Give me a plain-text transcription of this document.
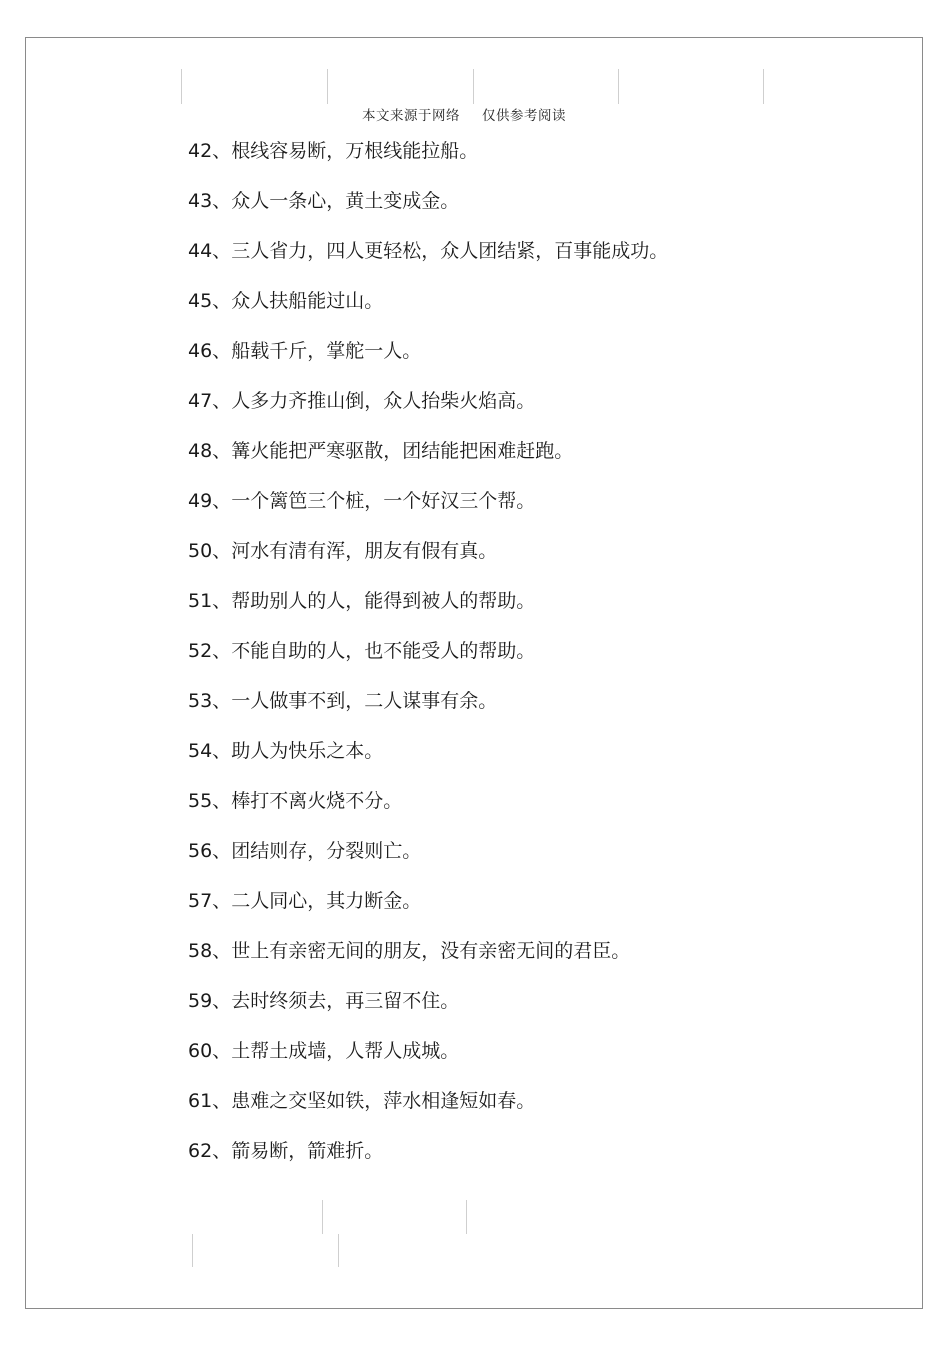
本文来源于网络 仅供参考阅读
42、根线容易断，万根线能拉船。
43、众人一条心，黄土变成金。
44、三人省力，四人更轻松，众人团结紧，百事能成功。
45、众人扶船能过山。
46、船载千斤，掌舵一人。
47、人多力齐推山倒，众人抬柴火焰高。
48、篝火能把严寒驱散，团结能把困难赶跑。
49、一个篱笆三个桩，一个好汉三个帮。
50、河水有清有浑，朋友有假有真。
51、帮助别人的人，能得到被人的帮助。
52、不能自助的人，也不能受人的帮助。
53、一人做事不到，二人谋事有余。
54、助人为快乐之本。
55、棒打不离火烧不分。
56、团结则存，分裂则亡。
57、二人同心，其力断金。
58、世上有亲密无间的朋友，没有亲密无间的君臣。
59、去时终须去，再三留不住。
60、土帮土成墙，人帮人成城。
61、患难之交坚如铁，萍水相逢短如春。
62、箭易断，箭难折。
